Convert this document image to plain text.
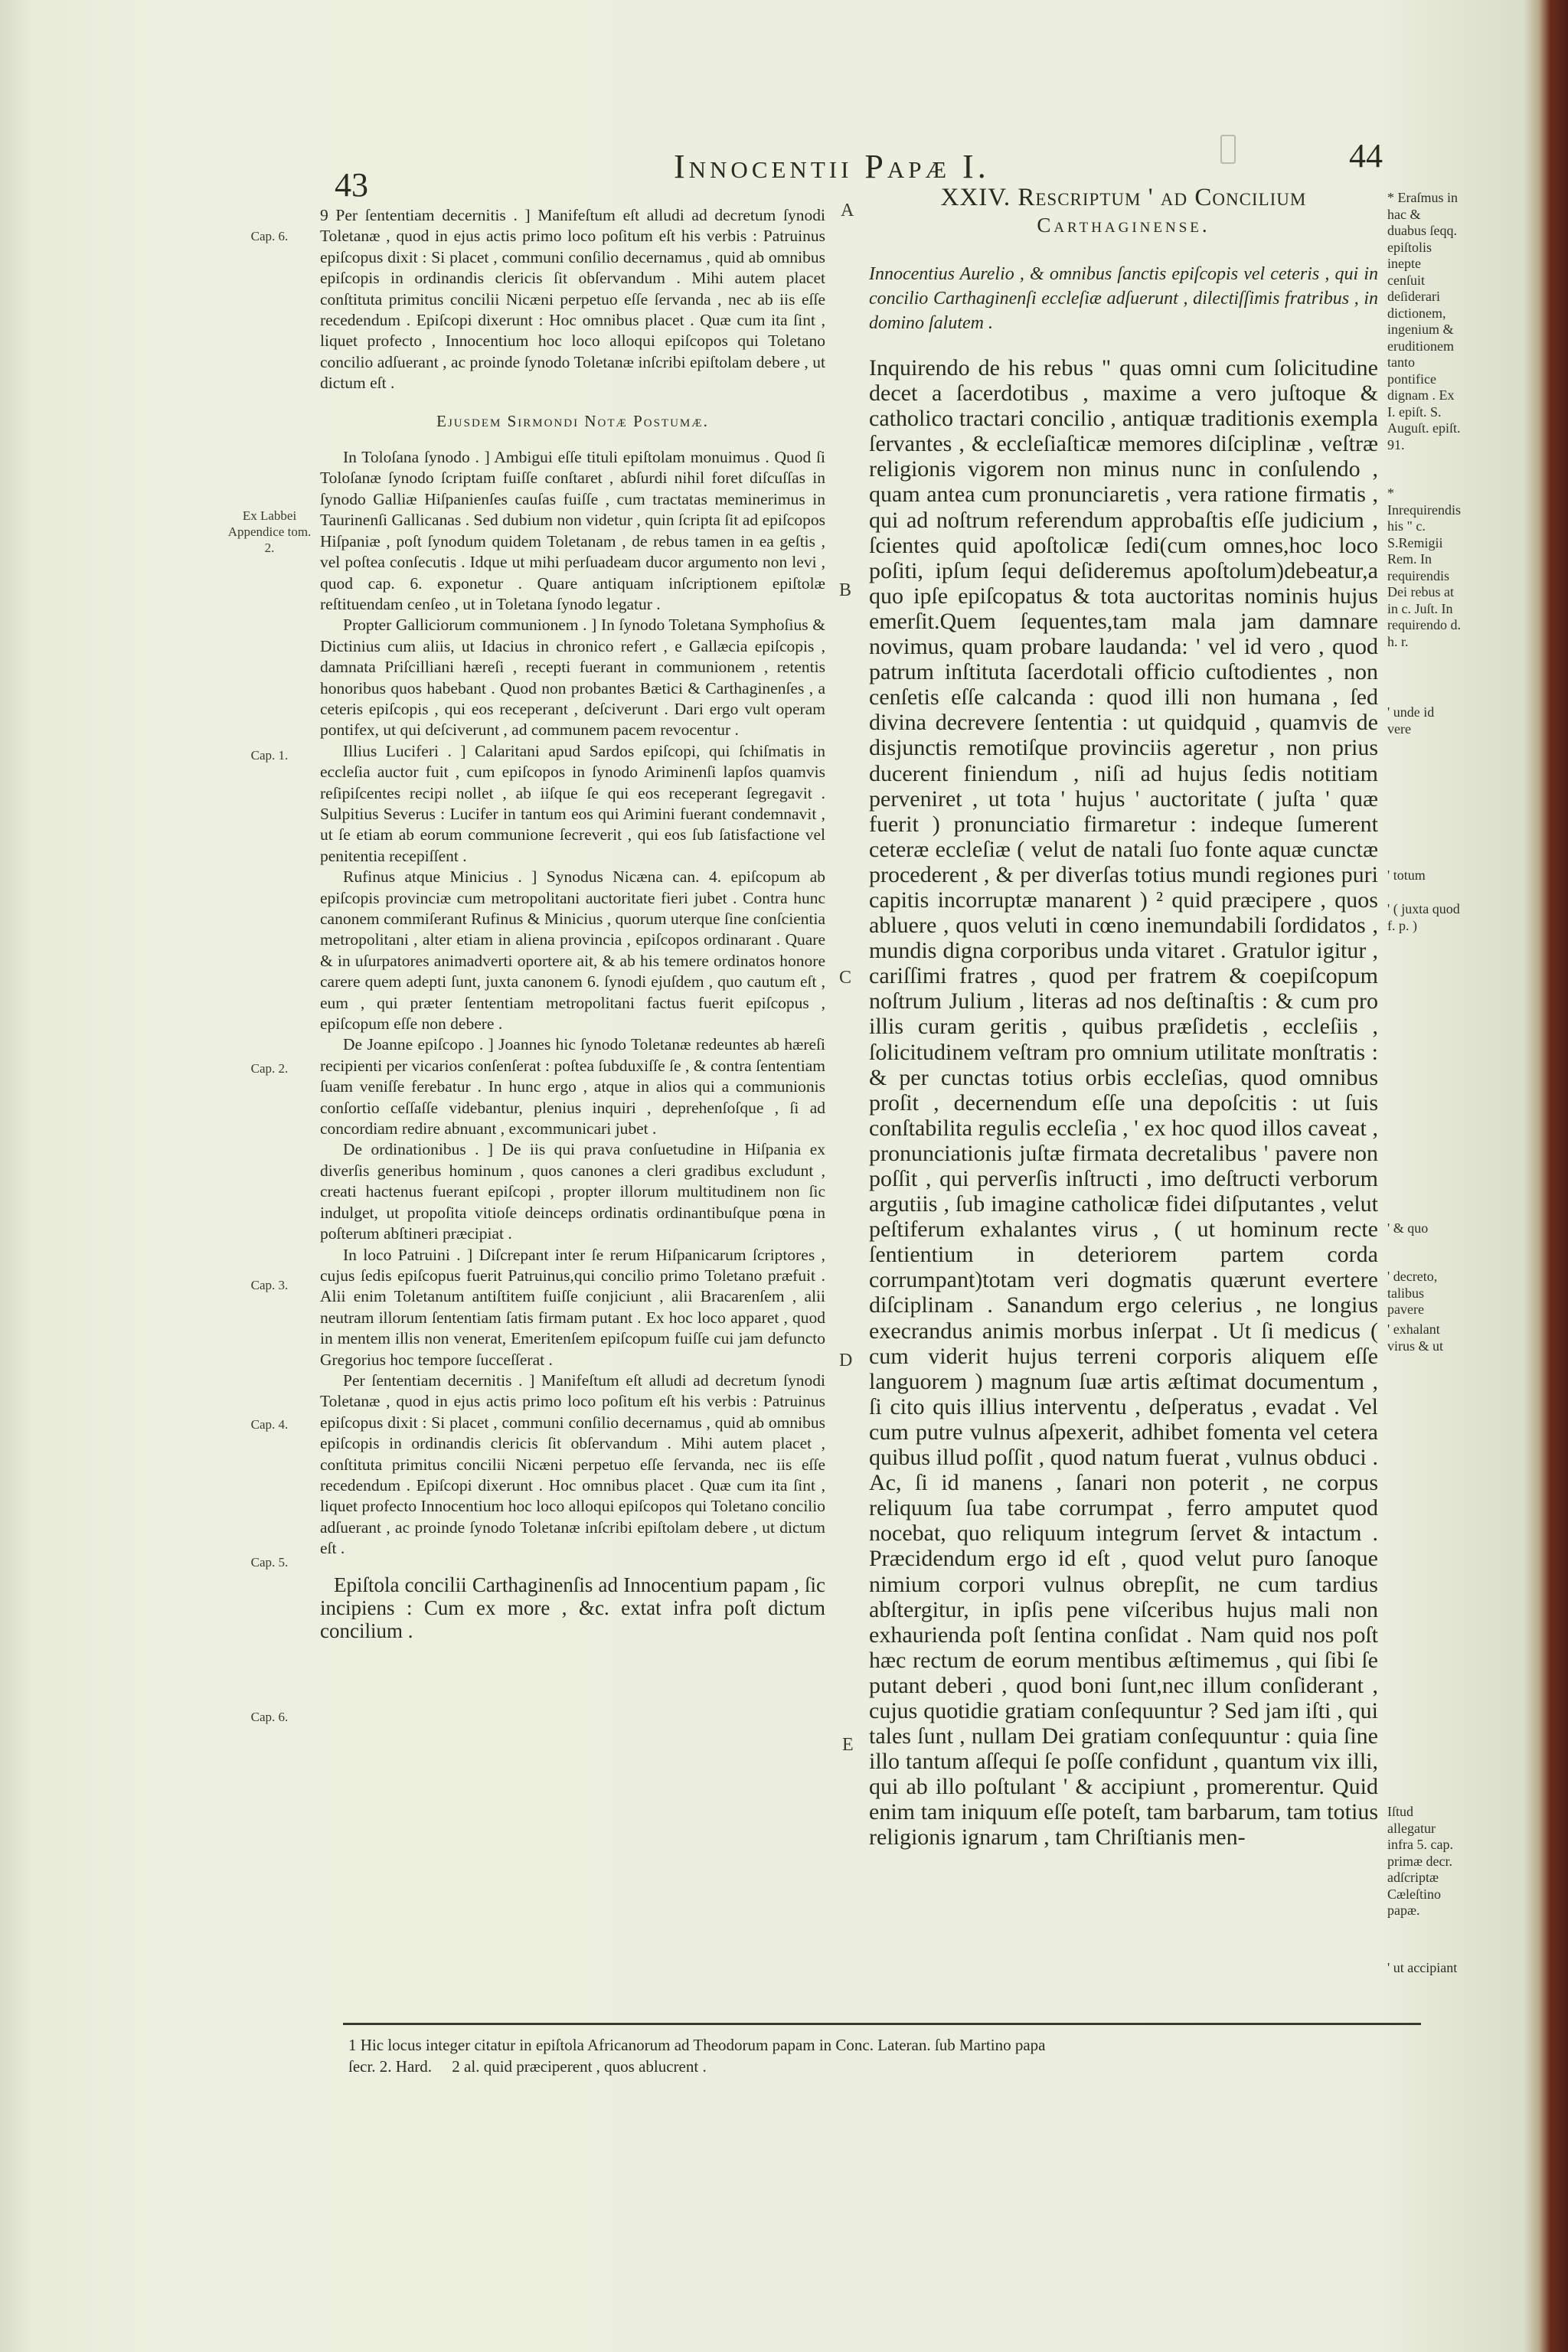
43	Innocentii Papæ I.	44
Cap. 6.
Ex Labbei Appendice tom. 2.
Cap. 1.
Cap. 2.
Cap. 3.
Cap. 4.
Cap. 5.
Cap. 6.

9 Per ſententiam decernitis . ] Manifeſtum eſt alludi ad decretum ſynodi Toletanæ , quod in ejus actis primo loco poſitum eſt his verbis : Patruinus epiſcopus dixit : Si placet , communi conſilio decernamus , quid ab omnibus epiſcopis in ordinandis clericis ſit obſervandum . Mihi autem placet conſtituta primitus concilii Nicæni perpetuo eſſe ſervanda , nec ab iis eſſe recedendum . Epiſcopi dixerunt : Hoc omnibus placet . Quæ cum ita ſint , liquet profecto , Innocentium hoc loco alloqui epiſcopos qui Toletano concilio adſuerant , ac proinde ſynodo Toletanæ inſcribi epiſtolam debere , ut dictum eſt .

Ejusdem Sirmondi Notæ Postumæ.

In Toloſana ſynodo . ] Ambigui eſſe tituli epiſtolam monuimus . Quod ſi Toloſanæ ſynodo ſcriptam fuiſſe conſtaret , abſurdi nihil foret diſcuſſas in ſynodo Galliæ Hiſpanienſes cauſas fuiſſe , cum tractatas meminerimus in Taurinenſi Gallicanas . Sed dubium non videtur , quin ſcripta ſit ad epiſcopos Hiſpaniæ , poſt ſynodum quidem Toletanam , de rebus tamen in ea geſtis , vel poſtea conſecutis . Idque ut mihi perſuadeam ducor argumento non levi , quod cap. 6. exponetur . Quare antiquam inſcriptionem epiſtolæ reſtituendam cenſeo , ut in Toletana ſynodo legatur .

Propter Galliciorum communionem . ] In ſynodo Toletana Symphoſius & Dictinius cum aliis, ut Idacius in chronico refert , e Gallæcia epiſcopis , damnata Priſcilliani hæreſi , recepti fuerant in communionem , retentis honoribus quos habebant . Quod non probantes Bætici & Carthaginenſes , a ceteris epiſcopis , qui eos receperant , deſciverunt . Dari ergo vult operam pontifex, ut qui deſciverunt , ad communem pacem revocentur .

Illius Luciferi . ] Calaritani apud Sardos epiſcopi, qui ſchiſmatis in eccleſia auctor fuit , cum epiſcopos in ſynodo Ariminenſi lapſos quamvis reſipiſcentes recipi nollet , ab iiſque ſe qui eos receperant ſegregavit . Sulpitius Severus : Lucifer in tantum eos qui Arimini fuerant condemnavit , ut ſe etiam ab eorum communione ſecreverit , qui eos ſub ſatisfactione vel penitentia recepiſſent .

Rufinus atque Minicius . ] Synodus Nicæna can. 4. epiſcopum ab epiſcopis provinciæ cum metropolitani auctoritate fieri jubet . Contra hunc canonem commiſerant Rufinus & Minicius , quorum uterque ſine conſcientia metropolitani , alter etiam in aliena provincia , epiſcopos ordinarant . Quare & in uſurpatores animadverti oportere ait, & ab his temere ordinatos honore carere quem adepti ſunt, juxta canonem 6. ſynodi ejuſdem , quo cautum eſt , eum , qui præter ſententiam metropolitani factus fuerit epiſcopus , epiſcopum eſſe non debere .

De Joanne epiſcopo . ] Joannes hic ſynodo Toletanæ redeuntes ab hæreſi recipienti per vicarios conſenſerat : poſtea ſubduxiſſe ſe , & contra ſententiam ſuam veniſſe ferebatur . In hunc ergo , atque in alios qui a communionis conſortio ceſſaſſe videbantur, plenius inquiri , deprehenſoſque , ſi ad concordiam redire abnuant , excommunicari jubet .

De ordinationibus . ] De iis qui prava conſuetudine in Hiſpania ex diverſis generibus hominum , quos canones a cleri gradibus excludunt , creati hactenus fuerant epiſcopi , propter illorum multitudinem non ſic indulget, ut propoſita vitioſe deinceps ordinatis ordinantibuſque pœna in poſterum abſtineri præcipiat .

In loco Patruini . ] Diſcrepant inter ſe rerum Hiſpanicarum ſcriptores , cujus ſedis epiſcopus fuerit Patruinus,qui concilio primo Toletano præfuit . Alii enim Toletanum antiſtitem fuiſſe conjiciunt , alii Bracarenſem , alii neutram illorum ſententiam ſatis firmam putant . Ex hoc loco apparet , quod in mentem illis non venerat, Emeritenſem epiſcopum fuiſſe cui jam defuncto Gregorius hoc tempore ſucceſſerat .

Per ſententiam decernitis . ] Manifeſtum eſt alludi ad decretum ſynodi Toletanæ , quod in ejus actis primo loco poſitum eſt his verbis : Patruinus epiſcopus dixit : Si placet , communi conſilio decernamus , quid ab omnibus epiſcopis in ordinandis clericis ſit obſervandum . Mihi autem placet , conſtituta primitus concilii Nicæni perpetuo eſſe ſervanda, nec iis eſſe recedendum . Epiſcopi dixerunt . Hoc omnibus placet . Quæ cum ita ſint , liquet profecto Innocentium hoc loco alloqui epiſcopos qui Toletano concilio adſuerant , ac proinde ſynodo Toletanæ inſcribi epiſtolam debere , ut dictum eſt .

Epiſtola concilii Carthaginenſis ad Innocentium papam , ſic incipiens : Cum ex more , &c. extat infra poſt dictum concilium .

A
B
C
D
E
XXIV. Rescriptum ' ad Concilium
Carthaginense.

Innocentius Aurelio , & omnibus ſanctis epiſcopis vel ceteris , qui in concilio Carthaginenſi eccleſiæ adſuerunt , dilectiſſimis fratribus , in domino ſalutem .

Inquirendo de his rebus " quas omni cum ſolicitudine decet a ſacerdotibus , maxime a vero juſtoque & catholico tractari concilio , antiquæ traditionis exempla ſervantes , & eccleſiaſticæ memores diſciplinæ , veſtræ religionis vigorem non minus nunc in conſulendo , quam antea cum pronunciaretis , vera ratione firmatis , qui ad noſtrum referendum approbaſtis eſſe judicium , ſcientes quid apoſtolicæ ſedi(cum omnes,hoc loco poſiti, ipſum ſequi deſideremus apoſtolum)debeatur,a quo ipſe epiſcopatus & tota auctoritas nominis hujus emerſit.Quem ſequentes,tam mala jam damnare novimus, quam probare laudanda: ' vel id vero , quod patrum inſtituta ſacerdotali officio cuſtodientes , non cenſetis eſſe calcanda : quod illi non humana , ſed divina decrevere ſententia : ut quidquid , quamvis de disjunctis remotiſque provinciis ageretur , non prius ducerent finiendum , niſi ad hujus ſedis notitiam perveniret , ut tota ' hujus ' auctoritate ( juſta ' quæ fuerit ) pronunciatio firmaretur : indeque ſumerent ceteræ eccleſiæ ( velut de natali ſuo fonte aquæ cunctæ procederent , & per diverſas totius mundi regiones puri capitis incorruptæ manarent ) ² quid præcipere , quos abluere , quos veluti in cœno inemundabili ſordidatos , mundis digna corporibus unda vitaret . Gratulor igitur , cariſſimi fratres , quod per fratrem & coepiſcopum noſtrum Julium , literas ad nos deſtinaſtis : & cum pro illis curam geritis , quibus præſidetis , eccleſiis , ſolicitudinem veſtram pro omnium utilitate monſtratis : & per cunctas totius orbis eccleſias, quod omnibus proſit , decernendum eſſe una depoſcitis : ut ſuis conſtabilita regulis eccleſia , ' ex hoc quod illos caveat , pronunciationis juſtæ firmata decretalibus ' pavere non poſſit , qui perverſis inſtructi , imo deſtructi verborum argutiis , ſub imagine catholicæ fidei diſputantes , velut peſtiferum exhalantes virus , ( ut hominum recte ſentientium in deteriorem partem corda corrumpant)totam veri dogmatis quærunt evertere diſciplinam . Sanandum ergo celerius , ne longius execrandus animis morbus inſerpat . Ut ſi medicus ( cum viderit hujus terreni corporis aliquem eſſe languorem ) magnum ſuæ artis æſtimat documentum , ſi cito quis illius interventu , deſperatus , evadat . Vel cum putre vulnus aſpexerit, adhibet fomenta vel cetera quibus illud poſſit , quod natum fuerat , vulnus obduci . Ac, ſi id manens , ſanari non poterit , ne corpus reliquum ſua tabe corrumpat , ferro amputet quod nocebat, quo reliquum integrum ſervet & intactum . Præcidendum ergo id eſt , quod velut puro ſanoque nimium corpori vulnus obrepſit, ne cum tardius abſtergitur, in ipſis pene viſceribus hujus mali non exhaurienda poſt ſentina conſidat . Nam quid nos poſt hæc rectum de eorum mentibus æſtimemus , qui ſibi ſe putant deberi , quod boni ſunt,nec illum conſiderant , cujus quotidie gratiam conſequuntur ? Sed jam iſti , qui tales ſunt , nullam Dei gratiam conſequuntur : quia ſine illo tantum aſſequi ſe poſſe confidunt , quantum vix illi, qui ab illo poſtulant ' & accipiunt , promerentur. Quid enim tam iniquum eſſe poteſt, tam barbarum, tam totius religionis ignarum , tam Chriſtianis men-

* Eraſmus in hac & duabus ſeqq. epiſtolis inepte cenſuit deſiderari dictionem, ingenium & eruditionem tanto pontifice dignam . Ex I. epiſt. S. Auguſt. epiſt. 91.
* Inrequirendis his " c. S.Remigii Rem. In requirendis Dei rebus at in c. Juſt. In requirendo d. h. r.
' unde id vere
' totum
' ( juxta quod f. p. )
' & quo
' decreto, talibus pavere
' exhalant virus & ut
Iſtud allegatur infra 5. cap. primæ decr. adſcriptæ Cæleſtino papæ.
' ut accipiant
1 Hic locus integer citatur in epiſtola Africanorum ad Theodorum papam in Conc. Lateran. ſub Martino papa
ſecr. 2. Hard.     2 al. quid præciperent , quos ablucrent .
